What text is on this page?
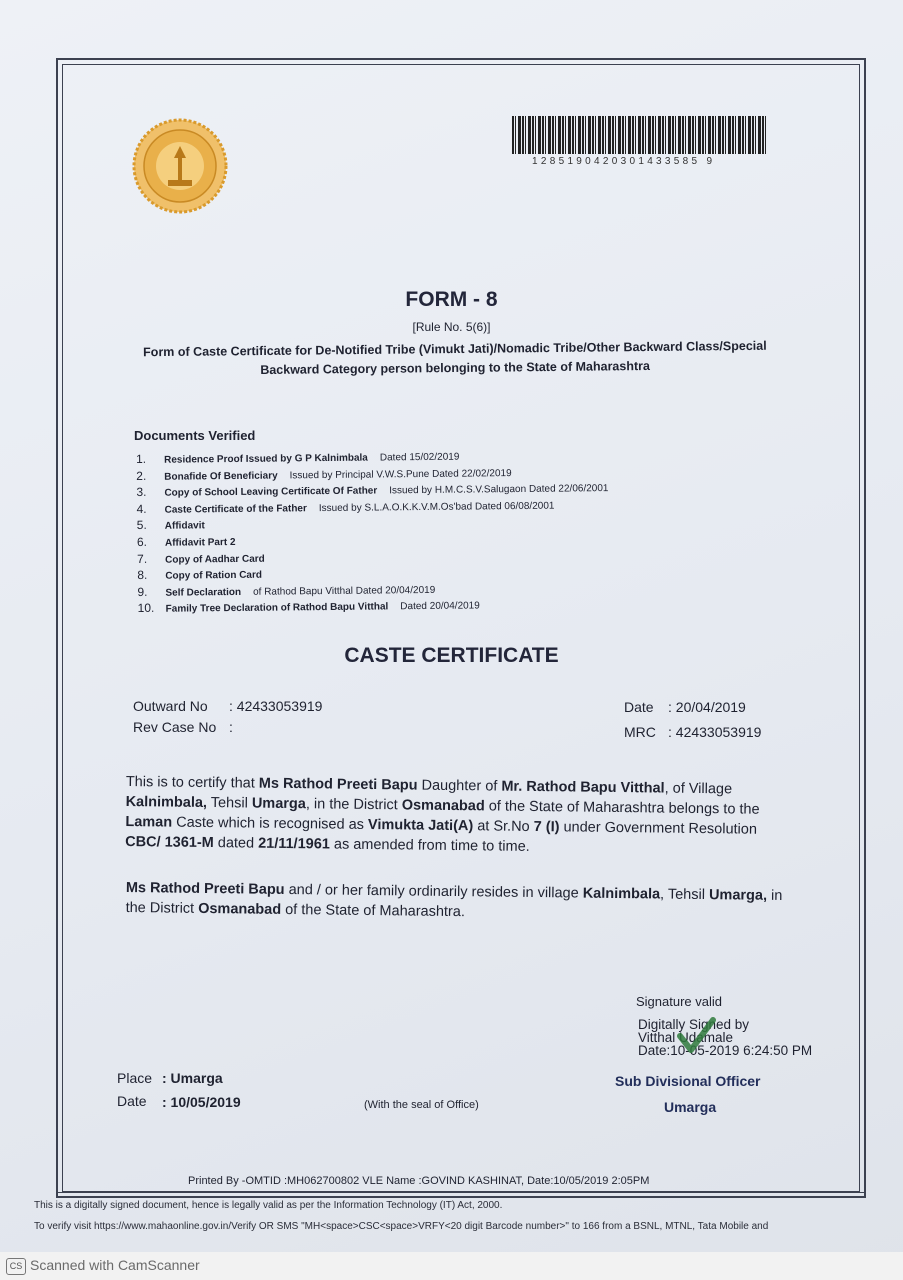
1285190420301433585 9
FORM - 8
[Rule No. 5(6)]
Form of Caste Certificate for De-Notified Tribe (Vimukt Jati)/Nomadic Tribe/Other Backward Class/Special Backward Category person belonging to the State of Maharashtra
Documents Verified
1. Residence Proof Issued by G P Kalnimbala Dated 15/02/2019
2. Bonafide Of Beneficiary Issued by Principal V.W.S.Pune Dated 22/02/2019
3. Copy of School Leaving Certificate Of Father Issued by H.M.C.S.V.Salugaon Dated 22/06/2001
4. Caste Certificate of the Father Issued by S.L.A.O.K.K.V.M.Os'bad Dated 06/08/2001
5. Affidavit
6. Affidavit Part 2
7. Copy of Aadhar Card
8. Copy of Ration Card
9. Self Declaration of Rathod Bapu Vitthal Dated 20/04/2019
10. Family Tree Declaration of Rathod Bapu Vitthal Dated 20/04/2019
CASTE CERTIFICATE
Outward No : 42433053919
Rev Case No :
Date : 20/04/2019
MRC : 42433053919
This is to certify that Ms Rathod Preeti Bapu Daughter of Mr. Rathod Bapu Vitthal, of Village Kalnimbala, Tehsil Umarga, in the District Osmanabad of the State of Maharashtra belongs to the Laman Caste which is recognised as Vimukta Jati(A) at Sr.No 7 (I) under Government Resolution CBC/ 1361-M dated 21/11/1961 as amended from time to time.
Ms Rathod Preeti Bapu and / or her family ordinarily resides in village Kalnimbala, Tehsil Umarga, in the District Osmanabad of the State of Maharashtra.
Signature valid
Digitally Signed by
Vitthal Udamale
Date:10-05-2019 6:24:50 PM
Sub Divisional Officer
Umarga
Place : Umarga
Date : 10/05/2019	(With the seal of Office)
Printed By -OMTID :MH062700802 VLE Name :GOVIND KASHINAT, Date:10/05/2019 2:05PM
This is a digitally signed document, hence is legally valid as per the Information Technology (IT) Act, 2000.
To verify visit https://www.mahaonline.gov.in/Verify OR SMS "MH<space>CSC<space>VRFY<20 digit Barcode number>" to 166 from a BSNL, MTNL, Tata Mobile and
CS Scanned with CamScanner
